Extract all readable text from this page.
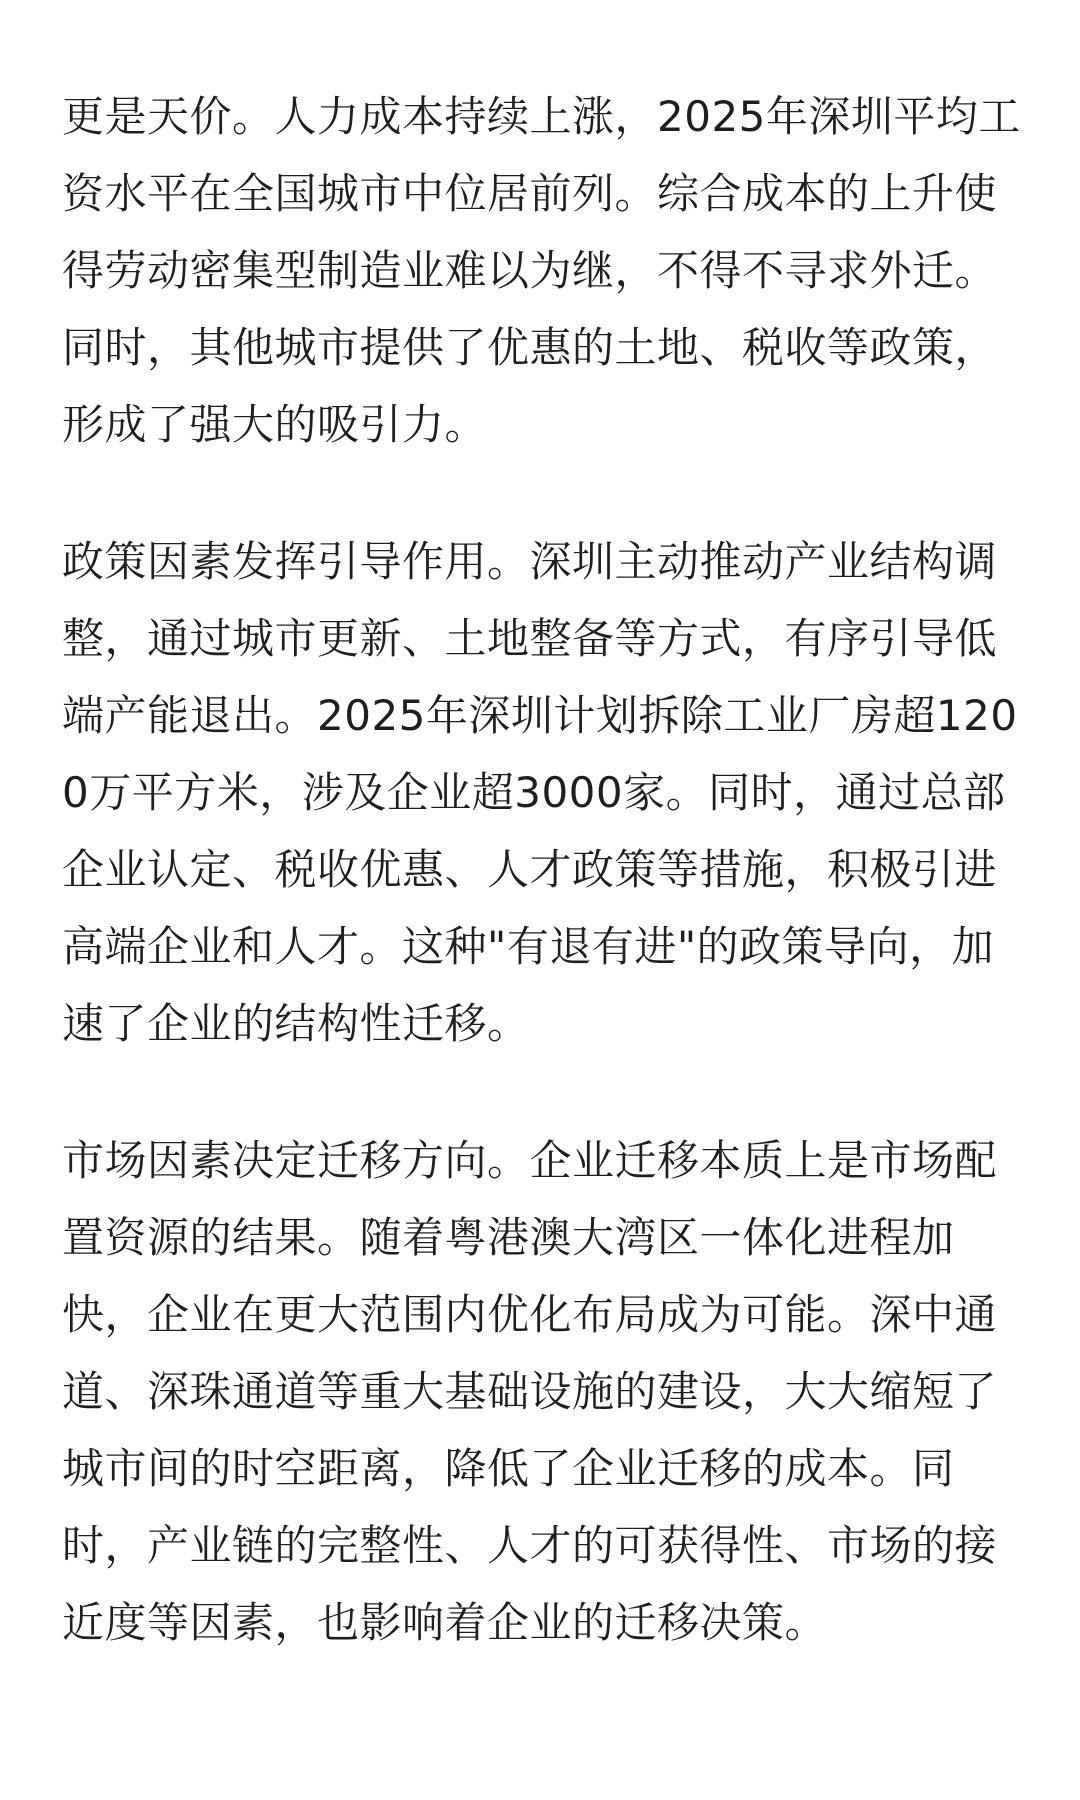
更是天价。人力成本持续上涨，2025年深圳平均工
资水平在全国城市中位居前列。综合成本的上升使
得劳动密集型制造业难以为继，不得不寻求外迁。
同时，其他城市提供了优惠的土地、税收等政策，
形成了强大的吸引力。
政策因素发挥引导作用。深圳主动推动产业结构调
整，通过城市更新、土地整备等方式，有序引导低
端产能退出。2025年深圳计划拆除工业厂房超120
0万平方米，涉及企业超3000家。同时，通过总部
企业认定、税收优惠、人才政策等措施，积极引进
高端企业和人才。这种"有退有进"的政策导向，加
速了企业的结构性迁移。
市场因素决定迁移方向。企业迁移本质上是市场配
置资源的结果。随着粤港澳大湾区一体化进程加
快，企业在更大范围内优化布局成为可能。深中通
道、深珠通道等重大基础设施的建设，大大缩短了
城市间的时空距离，降低了企业迁移的成本。同
时，产业链的完整性、人才的可获得性、市场的接
近度等因素，也影响着企业的迁移决策。
